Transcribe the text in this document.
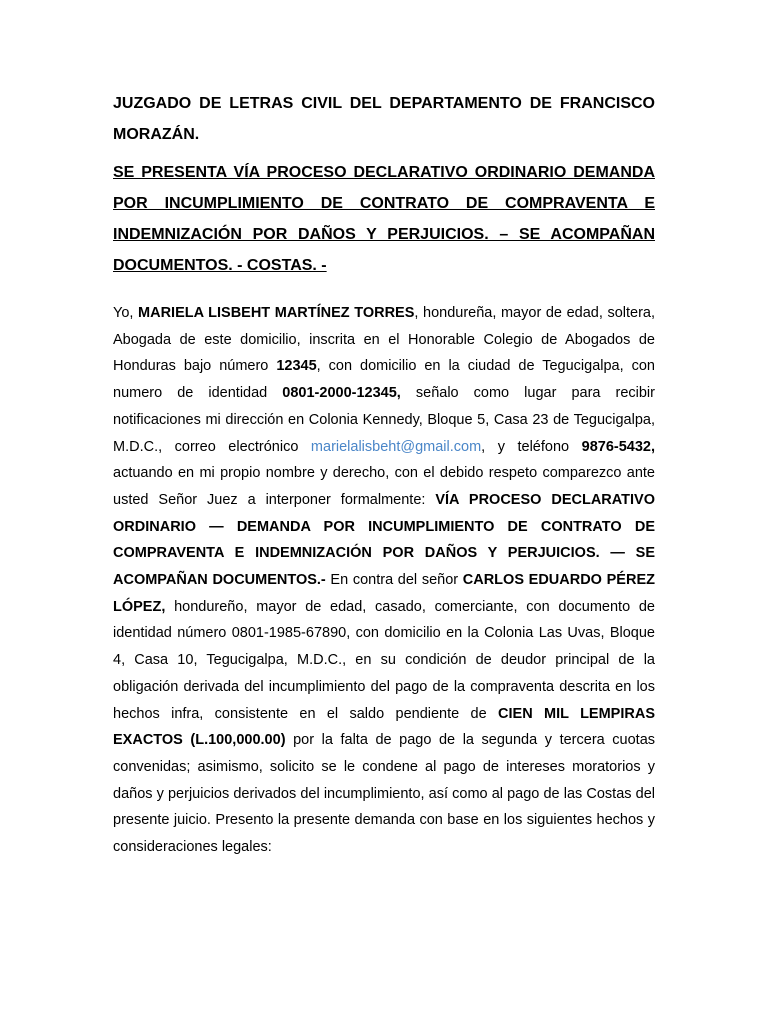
JUZGADO DE LETRAS CIVIL DEL DEPARTAMENTO DE FRANCISCO MORAZÁN.

SE PRESENTA VÍA PROCESO DECLARATIVO ORDINARIO DEMANDA POR INCUMPLIMIENTO DE CONTRATO DE COMPRAVENTA E INDEMNIZACIÓN POR DAÑOS Y PERJUICIOS. – SE ACOMPAÑAN DOCUMENTOS. - COSTAS. -

Yo, MARIELA LISBEHT MARTÍNEZ TORRES, hondureña, mayor de edad, soltera, Abogada de este domicilio, inscrita en el Honorable Colegio de Abogados de Honduras bajo número 12345, con domicilio en la ciudad de Tegucigalpa, con numero de identidad 0801-2000-12345, señalo como lugar para recibir notificaciones mi dirección en Colonia Kennedy, Bloque 5, Casa 23 de Tegucigalpa, M.D.C., correo electrónico marielalisbeht@gmail.com, y teléfono 9876-5432, actuando en mi propio nombre y derecho, con el debido respeto comparezco ante usted Señor Juez a interponer formalmente: VÍA PROCESO DECLARATIVO ORDINARIO — DEMANDA POR INCUMPLIMIENTO DE CONTRATO DE COMPRAVENTA E INDEMNIZACIÓN POR DAÑOS Y PERJUICIOS. — SE ACOMPAÑAN DOCUMENTOS.- En contra del señor CARLOS EDUARDO PÉREZ LÓPEZ, hondureño, mayor de edad, casado, comerciante, con documento de identidad número 0801-1985-67890, con domicilio en la Colonia Las Uvas, Bloque 4, Casa 10, Tegucigalpa, M.D.C., en su condición de deudor principal de la obligación derivada del incumplimiento del pago de la compraventa descrita en los hechos infra, consistente en el saldo pendiente de CIEN MIL LEMPIRAS EXACTOS (L.100,000.00) por la falta de pago de la segunda y tercera cuotas convenidas; asimismo, solicito se le condene al pago de intereses moratorios y daños y perjuicios derivados del incumplimiento, así como al pago de las Costas del presente juicio. Presento la presente demanda con base en los siguientes hechos y consideraciones legales:
